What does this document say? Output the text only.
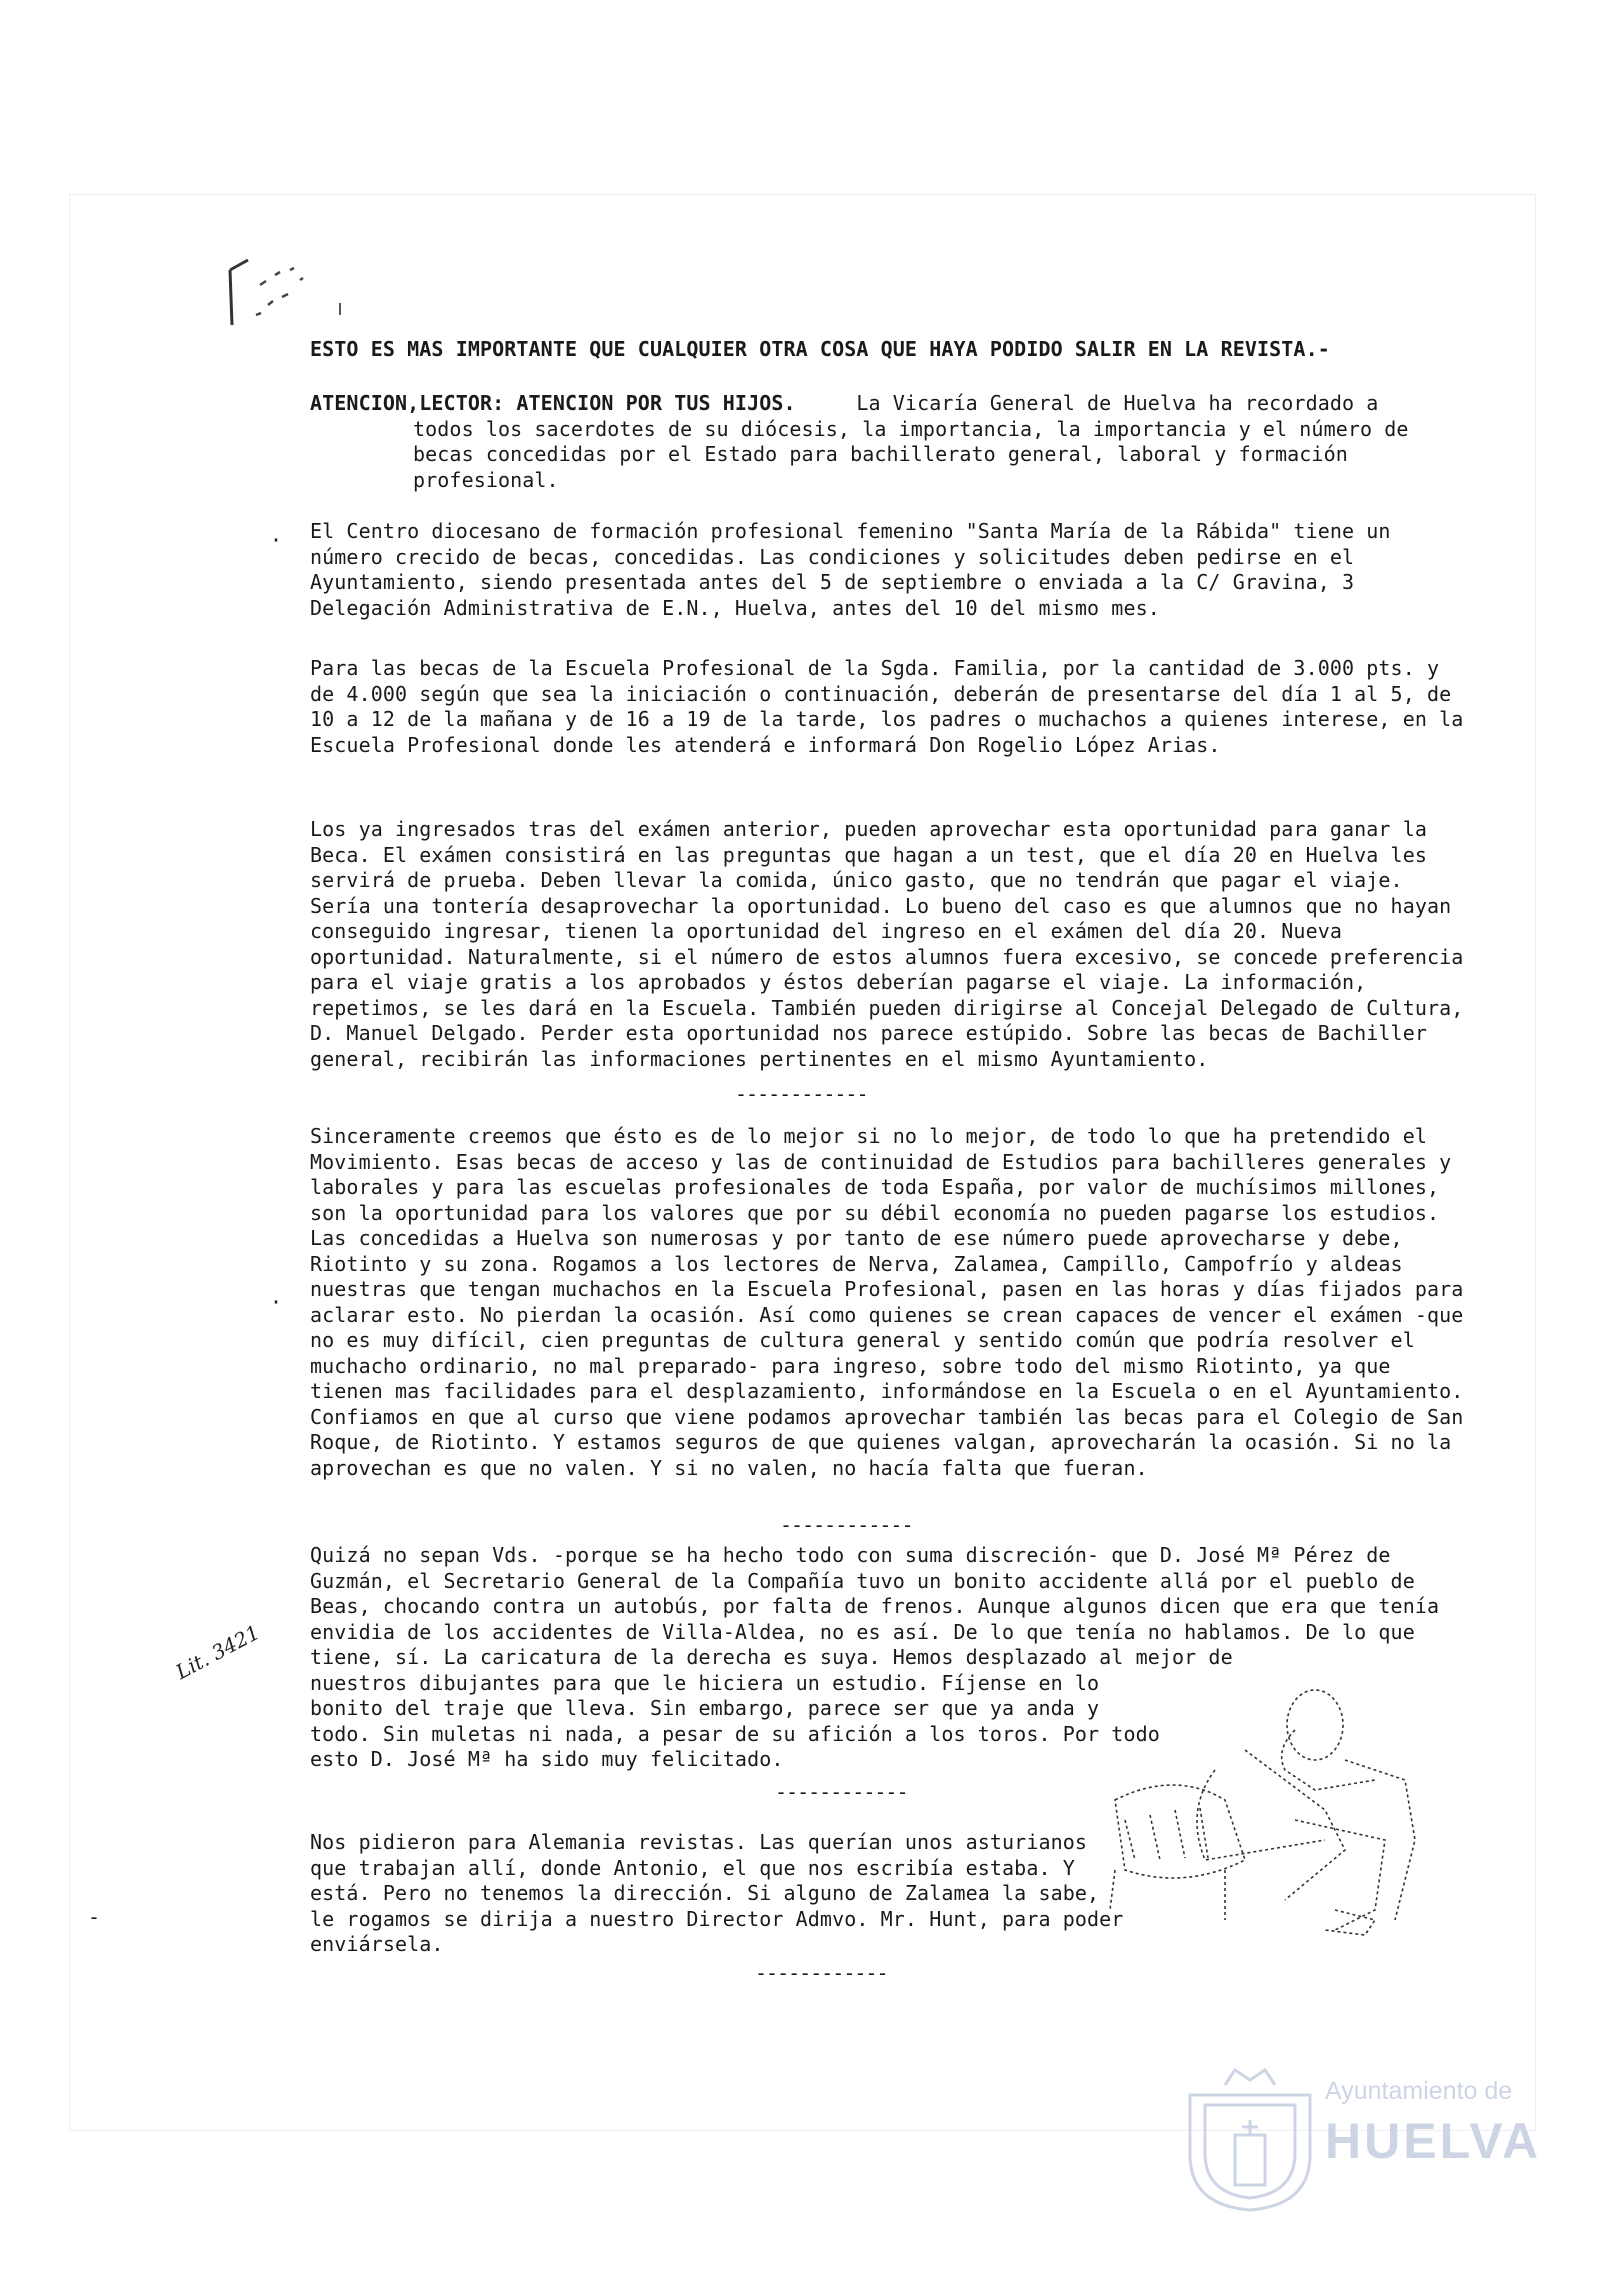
ESTO ES MAS IMPORTANTE QUE CUALQUIER OTRA COSA QUE HAYA PODIDO SALIR EN LA REVISTA.-
ATENCION,LECTOR: ATENCION POR TUS HIJOS.	La Vicaría General de Huelva ha recordado a
todos los sacerdotes de su diócesis, la importancia, la importancia y el número de becas concedidas por el Estado para bachillerato general, laboral y formación profesional.
· El Centro diocesano de formación profesional femenino "Santa María de la Rábida" tiene un número crecido de becas, concedidas. Las condiciones y solicitudes deben pedirse en el Ayuntamiento, siendo presentada antes del 5 de septiembre o enviada a la C/ Gravina, 3 Delegación Administrativa de E.N., Huelva, antes del 10 del mismo mes.
Para las becas de la Escuela Profesional de la Sgda. Familia, por la cantidad de 3.000 pts. y de 4.000 según que sea la iniciación o continuación, deberán de presentarse del día 1 al 5, de 10 a 12 de la mañana y de 16 a 19 de la tarde, los padres o muchachos a quienes interese, en la Escuela Profesional donde les atenderá e informará Don Rogelio López Arias.
Los ya ingresados tras del exámen anterior, pueden aprovechar esta oportunidad para ganar la Beca. El exámen consistirá en las preguntas que hagan a un test, que el día 20 en Huelva les servirá de prueba. Deben llevar la comida, único gasto, que no tendrán que pagar el viaje. Sería una tontería desaprovechar la oportunidad. Lo bueno del caso es que alumnos que no hayan conseguido ingresar, tienen la oportunidad del ingreso en el exámen del día 20. Nueva oportunidad. Naturalmente, si el número de estos alumnos fuera excesivo, se concede preferencia para el viaje gratis a los aprobados y éstos deberían pagarse el viaje. La información, repetimos, se les dará en la Escuela. También pueden dirigirse al Concejal Delegado de Cultura, D. Manuel Delgado. Perder esta oportunidad nos parece estúpido. Sobre las becas de Bachiller general, recibirán las informaciones pertinentes en el mismo Ayuntamiento.
------------
·
Sinceramente creemos que ésto es de lo mejor si no lo mejor, de todo lo que ha pretendido el Movimiento. Esas becas de acceso y las de continuidad de Estudios para bachilleres generales y laborales y para las escuelas profesionales de toda España, por valor de muchísimos millones, son la oportunidad para los valores que por su débil economía no pueden pagarse los estudios. Las concedidas a Huelva son numerosas y por tanto de ese número puede aprovecharse y debe, Riotinto y su zona. Rogamos a los lectores de Nerva, Zalamea, Campillo, Campofrío y aldeas nuestras que tengan muchachos en la Escuela Profesional, pasen en las horas y días fijados para aclarar esto. No pierdan la ocasión. Así como quienes se crean capaces de vencer el exámen -que no es muy difícil, cien preguntas de cultura general y sentido común que podría resolver el muchacho ordinario, no mal preparado- para ingreso, sobre todo del mismo Riotinto, ya que tienen mas facilidades para el desplazamiento, informándose en la Escuela o en el Ayuntamiento. Confiamos en que al curso que viene podamos aprovechar también las becas para el Colegio de San Roque, de Riotinto. Y estamos seguros de que quienes valgan, aprovecharán la ocasión. Si no la aprovechan es que no valen. Y si no valen, no hacía falta que fueran.
------------
Quizá no sepan Vds. -porque se ha hecho todo con suma discreción- que D. José Mª Pérez de Guzmán, el Secretario General de la Compañía tuvo un bonito accidente allá por el pueblo de Beas, chocando contra un autobús, por falta de frenos. Aunque algunos dicen que era que tenía envidia de los accidentes de Villa-Aldea, no es así. De lo que tenía no hablamos. De lo que tiene, sí. La caricatura de la derecha es suya. Hemos desplazado al mejor de
nuestros dibujantes para que le hiciera un estudio. Fíjense en lo bonito del traje que lleva. Sin embargo, parece ser que ya anda y todo. Sin muletas ni nada, a pesar de su afición a los toros. Por todo esto D. José Mª ha sido muy felicitado.
Lit. 3421
------------
Nos pidieron para Alemania revistas. Las querían unos asturianos que trabajan allí, donde Antonio, el que nos escribía estaba. Y está. Pero no tenemos la dirección. Si alguno de Zalamea la sabe, le rogamos se dirija a nuestro Director Admvo. Mr. Hunt, para poder enviársela.
------------
-
Ayuntamiento de
HUELVA
